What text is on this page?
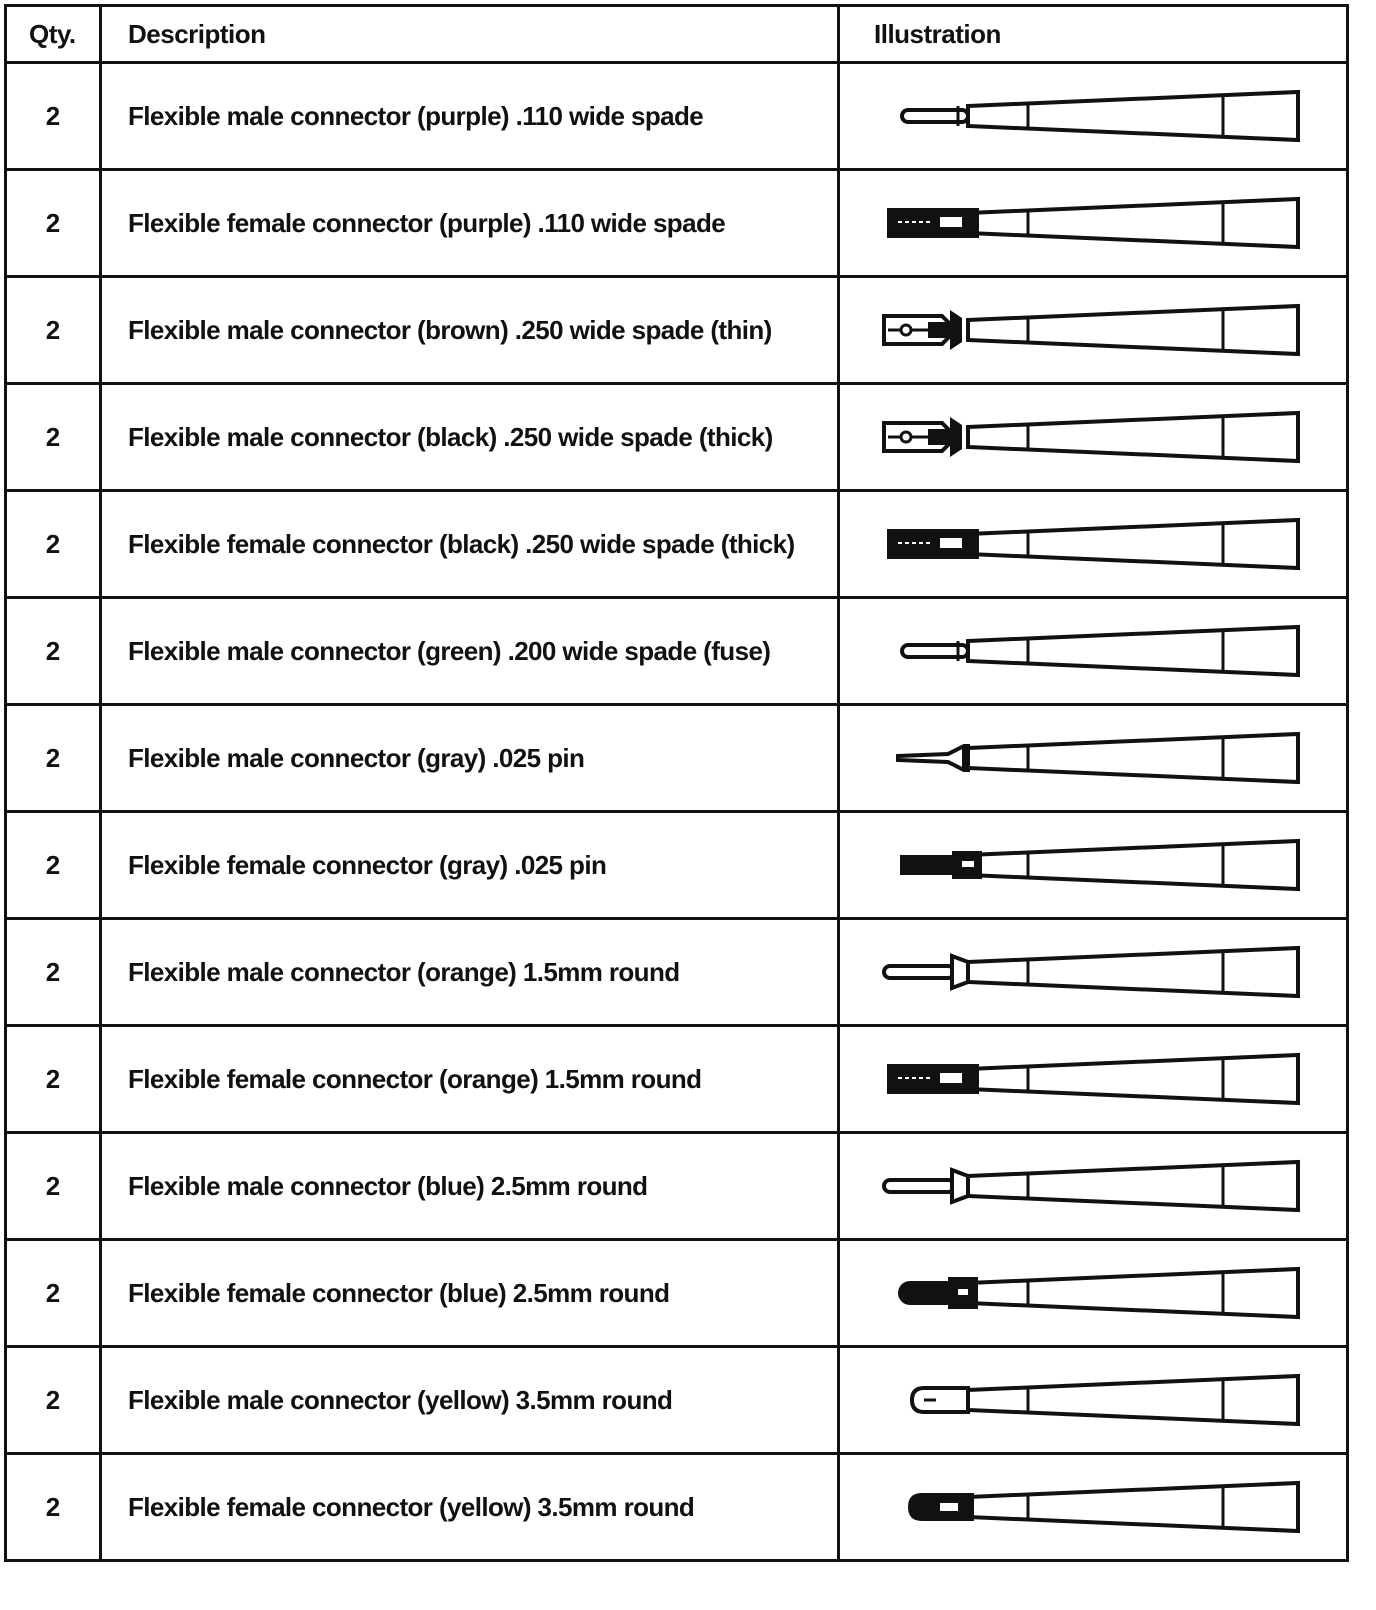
Qty.	Description	Illustration
2	Flexible male connector (purple) .110 wide spade	

2	Flexible female connector (purple) .110 wide spade	

2	Flexible male connector (brown) .250 wide spade (thin)	

2	Flexible male connector (black) .250 wide spade (thick)	

2	Flexible female connector (black) .250 wide spade (thick)	

2	Flexible male connector (green) .200 wide spade (fuse)	

2	Flexible male connector (gray) .025 pin	

2	Flexible female connector (gray) .025 pin	

2	Flexible male connector (orange) 1.5mm round	

2	Flexible female connector (orange) 1.5mm round	

2	Flexible male connector (blue) 2.5mm round	

2	Flexible female connector (blue) 2.5mm round	

2	Flexible male connector (yellow) 3.5mm round	

2	Flexible female connector (yellow) 3.5mm round	
